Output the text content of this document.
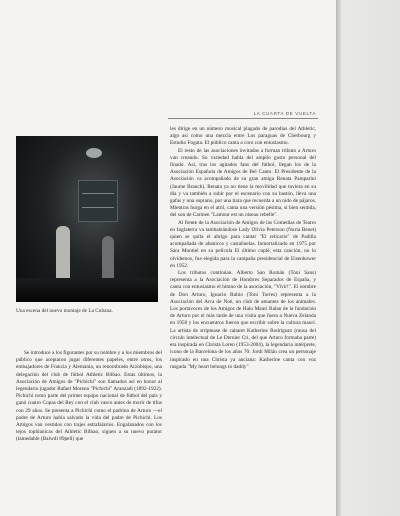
LA CUARTA DE VUELTA

Una escena del nuevo montaje de La Cubana.

Se introduce a los figurantes por su nombre y a los miembros del público que aceptaron jugar diferentes papeles, entre otros, los embajadores de Francia y Alemania, un renombrado Arzobispo, una delegación del club de fútbol Athletic Bilbao. Estas últimos, la Asociación de Amigos de "Pichichi" son llamados así en honor al legendario jugador Rafael Moreno "Pichichi" Aranzadi (1892-1922). Pichichi tomó parte del primer equipo nacional de fútbol del país y ganó cuatro Copas del Rey con el club vasco antes de morir de tifus con 29 años. Se presenta a Pichichi como el padrino de Arturo —el padre de Arturo había salvado la vida del padre de Pichichi. Los Amigos van vestidos con trajes estrafalarios. Engalanados con los tejos tophlanicas del Athletic Bilbao, siguen a su nuevo purator (lamedable (Balwdi 89pell) que

les dirige en un número musical plagado de parodias del Athletic, algo así como una mezcla entre Los paraguas de Cherbourg y Estudio Fogata. El público canta a coro con entusiasmo.

El resto de las asociaciones invitadas a forman tributo a Arturo van creando. Su variedad habla del amplio gusto personal del finado. Así, tras los agitados fans del fútbol, llegan los de la Asociación Española de Amigos de Bel Canto. El Presidente de la Asociación va acompañado de su gran amiga Renata Pamparini (Jaume Brauch). Renata ya no tiene la movilidad que tuviera en su día y va también a subir por el escenario con su bastón, lleva una gafas y una soprano, por una tiara que recuerda a un nido de pájaros. Mientras hurga en el atril, canta una versión pésima, si bien sentida, del son de Carmen "Lamour est un oiseau rebelle".

Al frente de la Asociación de Amigos de las Comedias de Teatro en Inglaterra va tambaleándose Lady Olivia Peterson (Nuria Benet) quien se quita el abrigo para cantar "El relicario" de Padilla acompañada de abanicos y castañuelas. Inmortalizado en 1975 por Sara Montiel en su película El último cuplé, esta canción, no lo olvidemos, fue elegida para la campaña presidencial de Eisenhower en 1952.

Los tributos continúan. Alberto San Román (Toni Sans) representa a la Asociación de Hombres Separados de España, y canta con entusiasmo el himno de la asociación, "Vivir!". El nombre de Don Arturo, Ignacio Rubio (Toni Torres) representa a la Asociación del Arca de Noé, un club de amantes de los animales. Los portavoces de los Amigos de Halo Mauri Balan de la fundación de Arturo por el más tarde de una visita que fuera a Nueva Zelanda en 1958 y los encuentros fueron que escribir sobre la cultura maorí. La artista de striptease de cabaret Katherine Rodriguez (musa del círculo intelectual de Le Dernier Cri, del que Arturo formaba parte) era inspirada en Christa Loren (1953-2004), la legendaria intérprete, icono de la Barcelona de los años 70. Jordi Milán crea un personaje inspirado en una Christa ya anciana: Katherine canta con voz rasgada "My heart belongs to daddy"
